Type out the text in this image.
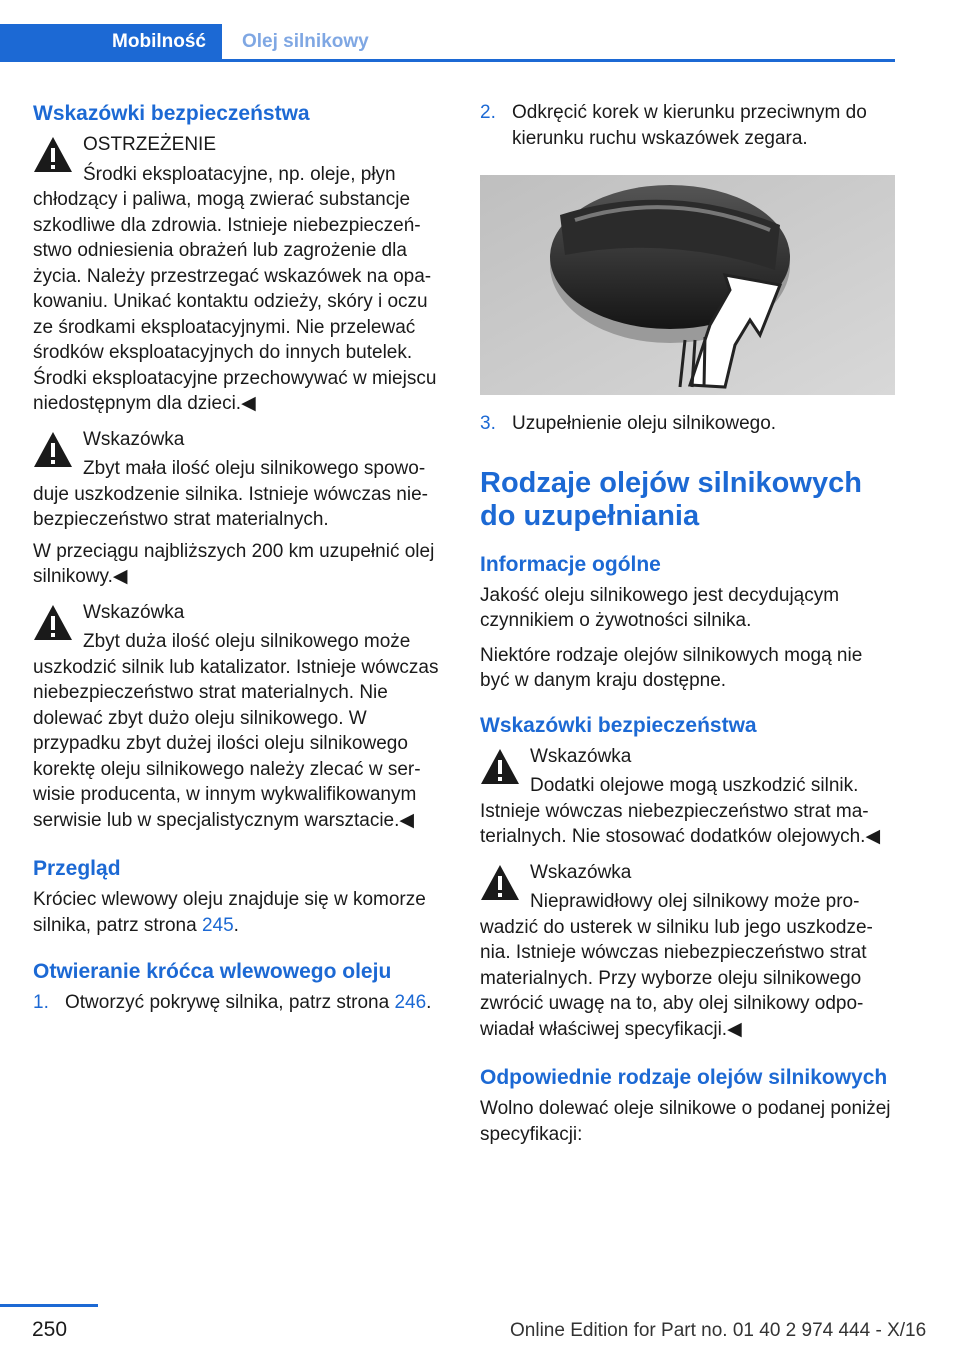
Mobilność	Olej silnikowy
Wskazówki bezpieczeństwa
OSTRZEŻENIE
Środki eksploatacyjne, np. oleje, płyn chłodzący i paliwa, mogą zwierać substancje szkodliwe dla zdrowia. Istnieje niebezpieczeństwo odniesienia obrażeń lub zagrożenie dla życia. Należy przestrzegać wskazówek na opakowaniu. Unikać kontaktu odzieży, skóry i oczu ze środkami eksploatacyjnymi. Nie przelewać środków eksploatacyjnych do innych butelek. Środki eksploatacyjne przechowywać w miejscu niedostępnym dla dzieci.◀
Wskazówka
Zbyt mała ilość oleju silnikowego spowoduje uszkodzenie silnika. Istnieje wówczas niebezpieczeństwo strat materialnych.

W przeciągu najbliższych 200 km uzupełnić olej silnikowy.◀

Wskazówka
Zbyt duża ilość oleju silnikowego może uszkodzić silnik lub katalizator. Istnieje wówczas niebezpieczeństwo strat materialnych. Nie dolewać zbyt dużo oleju silnikowego. W przypadku zbyt dużej ilości oleju silnikowego korektę oleju silnikowego należy zlecać w serwisie producenta, w innym wykwalifikowanym serwisie lub w specjalistycznym warsztacie.◀
Przegląd

Króciec wlewowy oleju znajduje się w komorze silnika, patrz strona 245.

Otwieranie króćca wlewowego oleju
1. Otworzyć pokrywę silnika, patrz strona 246.
2. Odkręcić korek w kierunku przeciwnym do kierunku ruchu wskazówek zegara.
3. Uzupełnienie oleju silnikowego.
Rodzaje olejów silnikowych do uzupełniania
Informacje ogólne

Jakość oleju silnikowego jest decydującym czynnikiem o żywotności silnika.

Niektóre rodzaje olejów silnikowych mogą nie być w danym kraju dostępne.

Wskazówki bezpieczeństwa
Wskazówka
Dodatki olejowe mogą uszkodzić silnik. Istnieje wówczas niebezpieczeństwo strat materialnych. Nie stosować dodatków olejowych.◀
Wskazówka
Nieprawidłowy olej silnikowy może prowadzić do usterek w silniku lub jego uszkodzenia. Istnieje wówczas niebezpieczeństwo strat materialnych. Przy wyborze oleju silnikowego zwrócić uwagę na to, aby olej silnikowy odpowiadał właściwej specyfikacji.◀
Odpowiednie rodzaje olejów silnikowych

Wolno dolewać oleje silnikowe o podanej poniżej specyfikacji:

250	Online Edition for Part no. 01 40 2 974 444 - X/16
